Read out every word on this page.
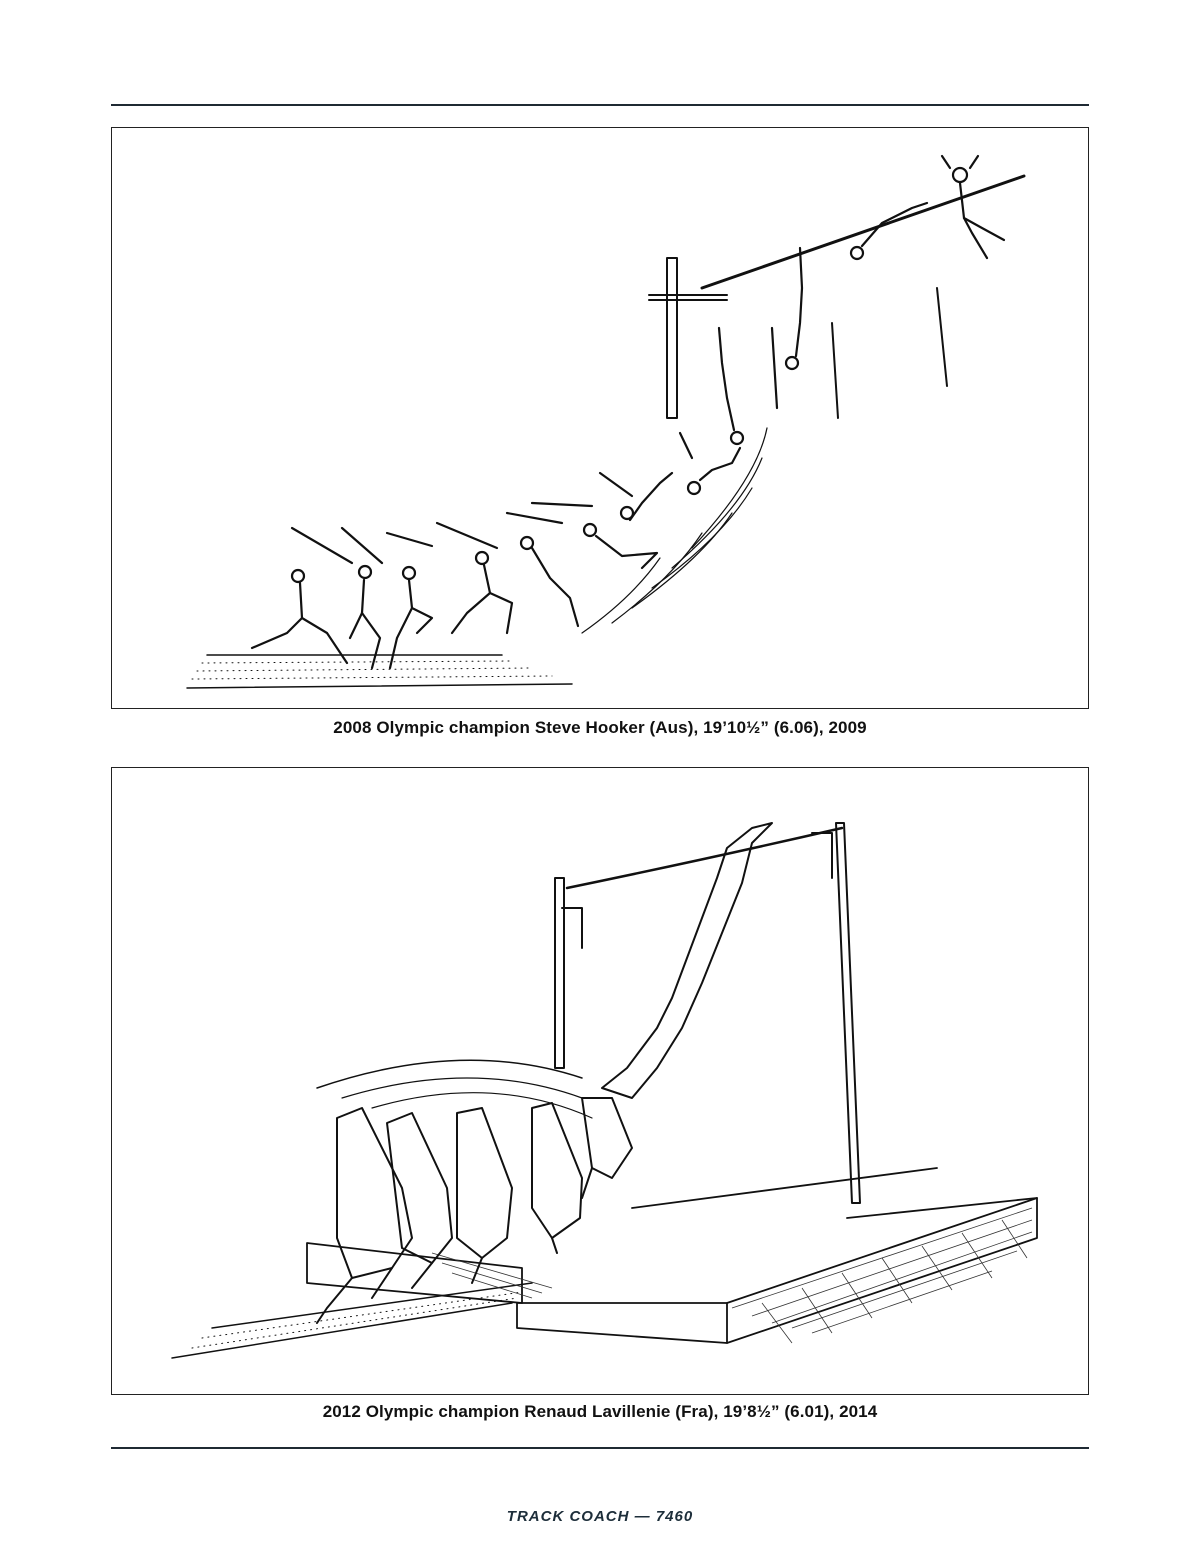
2008 Olympic champion Steve Hooker (Aus), 19’10½” (6.06), 2009
2012 Olympic champion Renaud Lavillenie (Fra), 19’8½” (6.01), 2014
TRACK COACH — 7460
